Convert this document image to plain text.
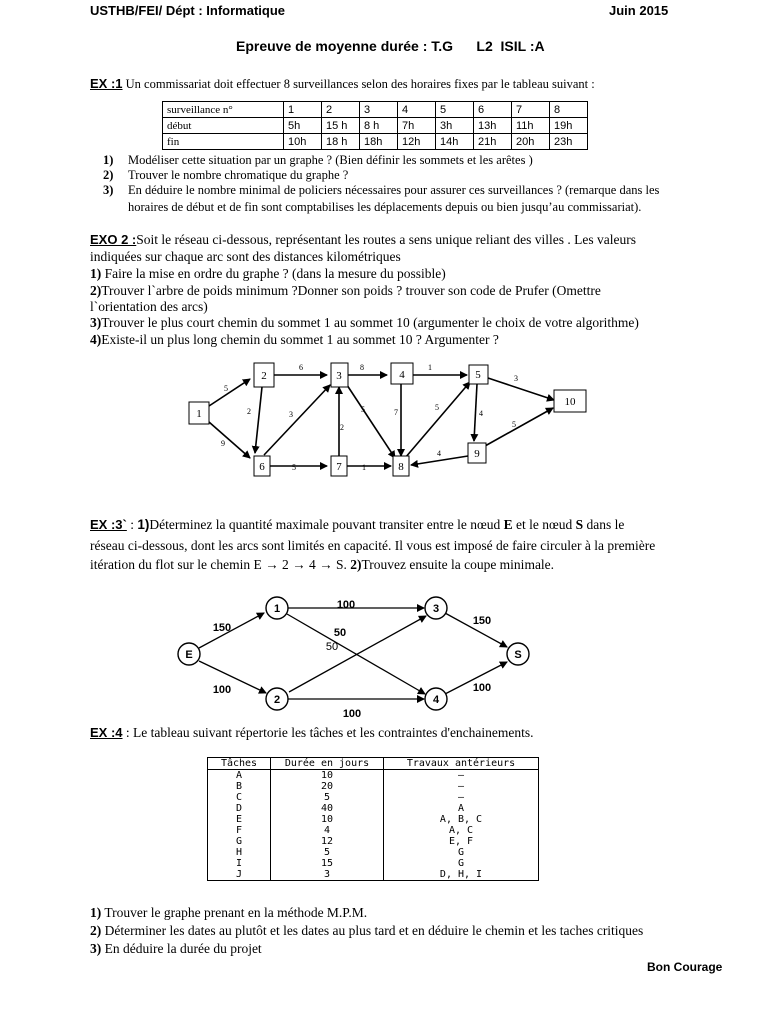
USTHB/FEI/ Dépt : Informatique	Juin 2015
Epreuve de moyenne durée : T.G      L2  ISIL :A
EX :1 Un commissariat doit effectuer 8 surveillances selon des horaires fixes par le tableau suivant :
surveillance n°	1	2	3	4	5	6	7	8
début	5h	15 h	8 h	7h	3h	13h	11h	19h
fin	10h	18 h	18h	12h	14h	21h	20h	23h
1) Modéliser cette situation par un graphe ? (Bien définir les sommets et les arêtes )
2) Trouver le nombre chromatique du graphe ?
3) En déduire le nombre minimal de policiers nécessaires pour assurer ces surveillances ? (remarque dans les
horaires de début et de fin sont comptabilises les déplacements depuis ou bien jusqu’au commissariat).
EXO 2 :Soit le réseau ci-dessous, représentant les routes a sens unique reliant des villes . Les valeurs
indiquées sur chaque arc sont des distances kilométriques
1) Faire la mise en ordre du graphe ? (dans la mesure du possible)
2)Trouver l`arbre de poids minimum ?Donner son poids ? trouver son code de Prufer (Omettre
l`orientation des arcs)
3)Trouver le plus court chemin du sommet 1 au sommet 10 (argumenter le choix de votre algorithme)
4)Existe-il un plus long chemin du sommet 1 au sommet 10 ? Argumenter ?
1
2	3	4	5
6	7	8
9
10
5
9
6
2	3
8	1
3
2
7
5	4
5
5	1
4
5
EX :3` : 1)Déterminez la quantité maximale pouvant transiter entre le nœud E et le nœud S dans le
réseau ci-dessous, dont les arcs sont limités en capacité. Il vous est imposé de faire circuler à la première
itération du flot sur le chemin E → 2 → 4 → S. 2)Trouvez ensuite la coupe minimale.
E
1
2
3
4
S
150
100
100
100
150
100
50
50
EX :4 : Le tableau suivant répertorie les tâches et les contraintes d'enchainements.
Tâches	Durée en jours	Travaux antérieurs
A	10	–
B	20	–
C	5	–
D	40	A
E	10	A, B, C
F	4	A, C
G	12	E, F
H	5	G
I	15	G
J	3	D, H, I
1) Trouver le graphe prenant en la méthode M.P.M.
2) Déterminer les dates au plutôt et les dates au plus tard et en déduire le chemin et les taches critiques
3) En déduire la durée du projet
Bon Courage
